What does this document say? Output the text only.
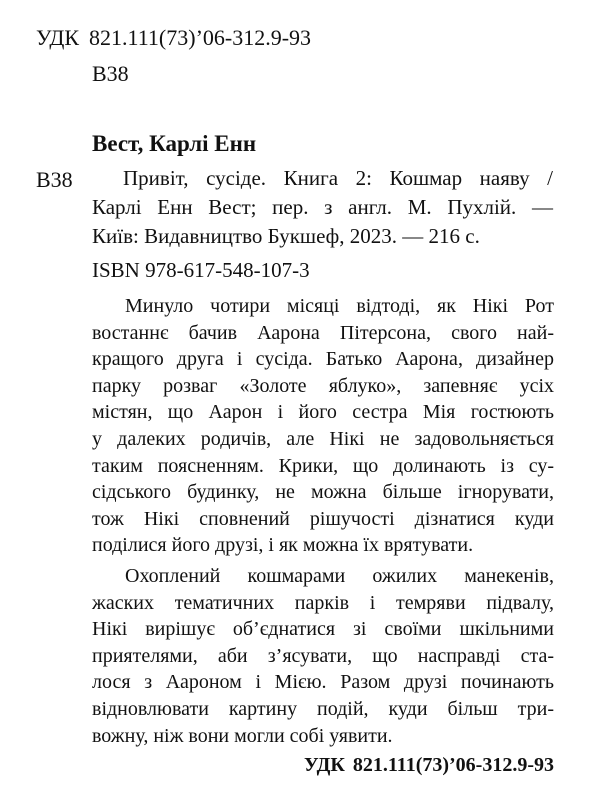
УДК 821.111(73)’06-312.9-93
В38
Вест, Карлі Енн
В38 Привіт, сусіде. Книга 2: Кошмар наяву /
Карлі Енн Вест; пер. з англ. М. Пухлій. —
Київ: Видавництво Букшеф, 2023. — 216 с.
ISBN 978-617-548-107-3
Минуло чотири місяці відтоді, як Нікі Рот
востаннє бачив Аарона Пітерсона, свого най-
кращого друга і сусіда. Батько Аарона, дизайнер
парку розваг «Золоте яблуко», запевняє усіх
містян, що Аарон і його сестра Мія гостюють
у далеких родичів, але Нікі не задовольняється
таким поясненням. Крики, що долинають із су-
сідського будинку, не можна більше ігнорувати,
тож Нікі сповнений рішучості дізнатися куди
поділися його друзі, і як можна їх врятувати.
Охоплений кошмарами ожилих манекенів,
жаских тематичних парків і темряви підвалу,
Нікі вирішує об’єднатися зі своїми шкільними
приятелями, аби з’ясувати, що насправді ста-
лося з Аароном і Мією. Разом друзі починають
відновлювати картину подій, куди більш три-
вожну, ніж вони могли собі уявити.
УДК 821.111(73)’06-312.9-93
